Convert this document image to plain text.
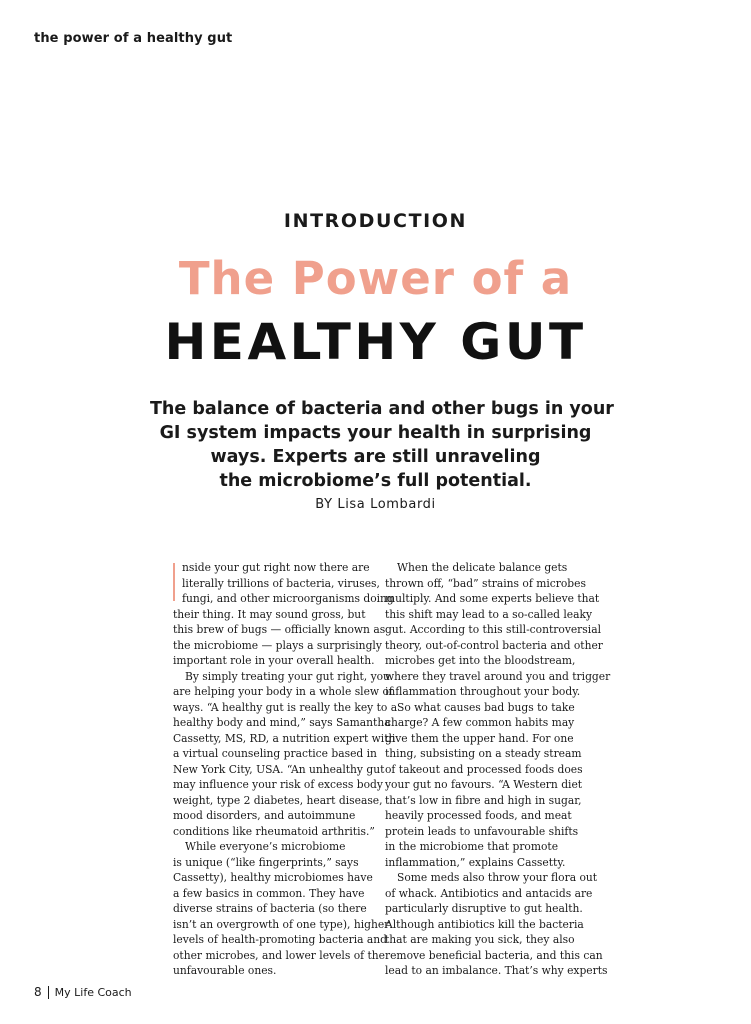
the power of a healthy gut
INTRODUCTION
The Power of a
HEALTHY GUT
The balance of bacteria and other bugs in your
GI system impacts your health in surprising
ways. Experts are still unraveling
the microbiome’s full potential.
BY Lisa Lombardi
nside your gut right now there are
literally trillions of bacteria, viruses,
fungi, and other microorganisms doing
their thing. It may sound gross, but
this brew of bugs — officially known as
the microbiome — plays a surprisingly
important role in your overall health.
By simply treating your gut right, you
are helping your body in a whole slew of
ways. “A healthy gut is really the key to a
healthy body and mind,” says Samantha
Cassetty, MS, RD, a nutrition expert with
a virtual counseling practice based in
New York City, USA. “An unhealthy gut
may influence your risk of excess body
weight, type 2 diabetes, heart disease,
mood disorders, and autoimmune
conditions like rheumatoid arthritis.”
While everyone’s microbiome
is unique (“like fingerprints,” says
Cassetty), healthy microbiomes have
a few basics in common. They have
diverse strains of bacteria (so there
isn’t an overgrowth of one type), higher
levels of health-promoting bacteria and
other microbes, and lower levels of the
unfavourable ones.
When the delicate balance gets
thrown off, “bad” strains of microbes
multiply. And some experts believe that
this shift may lead to a so-called leaky
gut. According to this still-controversial
theory, out-of-control bacteria and other
microbes get into the bloodstream,
where they travel around you and trigger
inflammation throughout your body.
So what causes bad bugs to take
charge? A few common habits may
give them the upper hand. For one
thing, subsisting on a steady stream
of takeout and processed foods does
your gut no favours. “A Western diet
that’s low in fibre and high in sugar,
heavily processed foods, and meat
protein leads to unfavourable shifts
in the microbiome that promote
inflammation,” explains Cassetty.
Some meds also throw your flora out
of whack. Antibiotics and antacids are
particularly disruptive to gut health.
Although antibiotics kill the bacteria
that are making you sick, they also
remove beneficial bacteria, and this can
lead to an imbalance. That’s why experts
8 My Life Coach
